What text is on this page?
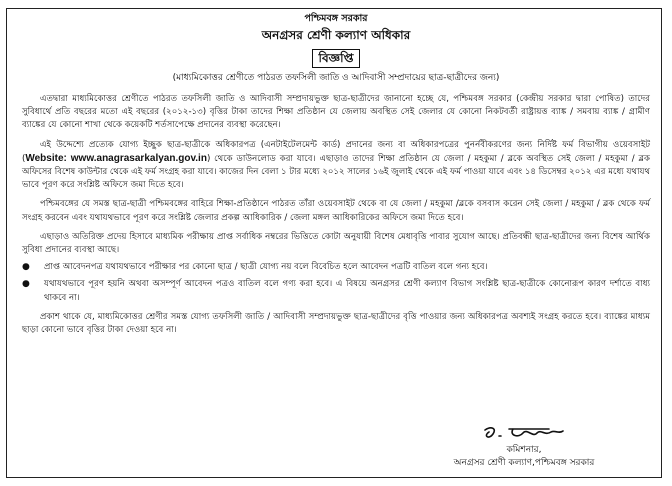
পশ্চিমবঙ্গ সরকার
অনগ্রসর শ্রেণী কল্যাণ অধিকার
বিজ্ঞপ্তি
(মাধ্যমিকোত্তর শ্রেণীতে পাঠরত তফসিলী জাতি ও আদিবাসী সম্প্রদায়ের ছাত্র-ছাত্রীদের জন্য)

এতদ্বারা মাধ্যমিকোত্তর শ্রেণীতে পাঠরত তফসিলী জাতি ও আদিবাসী সম্প্রদায়ভুক্ত ছাত্র-ছাত্রীদের জানানো হচ্ছে যে, পশ্চিমবঙ্গ সরকার (কেন্দ্রীয় সরকার দ্বারা পোষিত) তাদের সুবিধার্থে প্রতি বছরের মতো এই বছরের (২০১২-১৩) বৃত্তির টাকা তাদের শিক্ষা প্রতিষ্ঠান যে জেলায় অবস্থিত সেই জেলার যে কোনো নিকটবর্তী রাষ্ট্রায়ত্ত ব্যাঙ্ক / সমবায় ব্যাঙ্ক / গ্রামীণ ব্যাঙ্কের যে কোনো শাখা থেকে কয়েকটি শর্তসাপেক্ষে প্রদানের ব্যবস্থা করেছেন।

এই উদ্দেশ্যে প্রত্যেক যোগ্য ইচ্ছুক ছাত্র-ছাত্রীকে অধিকারপত্র (এনটাইটেলমেন্ট কার্ড) প্রদানের জন্য বা অধিকারপত্রের পুনর্নবীকরণের জন্য নির্দিষ্ট ফর্ম বিভাগীয় ওয়েবসাইট (Website: www.anagrasarkalyan.gov.in) থেকে ডাউনলোড করা যাবে। এছাড়াও তাদের শিক্ষা প্রতিষ্ঠান যে জেলা / মহকুমা / ব্লকে অবস্থিত সেই জেলা / মহকুমা / ব্লক অফিসের বিশেষ কাউন্টার থেকে এই ফর্ম সংগ্রহ করা যাবে। কাজের দিন বেলা ১ টার মধ্যে ২০১২ সালের ১৬ই জুলাই থেকে এই ফর্ম পাওয়া যাবে এবং ১৪ ডিসেম্বর ২০১২ এর মধ্যে যথাযথ ভাবে পূরণ করে সংশ্লিষ্ট অফিসে জমা দিতে হবে।

পশ্চিমবঙ্গের যে সমস্ত ছাত্র-ছাত্রী পশ্চিমবঙ্গের বাহিরে শিক্ষা-প্রতিষ্ঠানে পাঠরত তাঁরা ওয়েবসাইট থেকে বা যে জেলা / মহকুমা /ব্লকে বসবাস করেন সেই জেলা / মহকুমা / ব্লক থেকে ফর্ম সংগ্রহ করবেন এবং যথাযথভাবে পূরণ করে সংশ্লিষ্ট জেলার প্রকল্প আধিকারিক / জেলা মঙ্গল আধিকারিকের অফিসে জমা দিতে হবে।

এছাড়াও অতিরিক্ত প্রদেয় হিসাবে মাধ্যমিক পরীক্ষায় প্রাপ্ত সর্বাধিক নম্বরের ভিত্তিতে কোটা অনুযায়ী বিশেষ মেধাবৃত্তি পাবার সুযোগ আছে। প্রতিবন্ধী ছাত্র-ছাত্রীদের জন্য বিশেষ আর্থিক সুবিধা প্রদানের ব্যবস্থা আছে।

●	প্রাপ্ত আবেদনপত্র যথাযথভাবে পরীক্ষার পর কোনো ছাত্র / ছাত্রী যোগ্য নয় বলে বিবেচিত হলে আবেদন পত্রটি বাতিল বলে গন্য হবে।
●	যথাযথভাবে পূরণ হয়নি অথবা অসম্পূর্ণ আবেদন পত্রও বাতিল বলে গণ্য করা হবে। এ বিষয়ে অনগ্রসর শ্রেণী কল্যাণ বিভাগ সংশ্লিষ্ট ছাত্র-ছাত্রীকে কোনোরূপ কারণ দর্শাতে বাধ্য থাকবে না।

প্রকাশ থাকে যে, মাধ্যমিকোত্তর শ্রেণীর সমস্ত যোগ্য তফসিলী জাতি / আদিবাসী সম্প্রদায়ভুক্ত ছাত্র-ছাত্রীদের বৃত্তি পাওয়ার জন্য অধিকারপত্র অবশ্যই সংগ্রহ করতে হবে। ব্যাঙ্কের মাধ্যম ছাড়া কোনো ভাবে বৃত্তির টাকা দেওয়া হবে না।

কমিশনার,
অনগ্রসর শ্রেণী কল্যাণ,পশ্চিমবঙ্গ সরকার
